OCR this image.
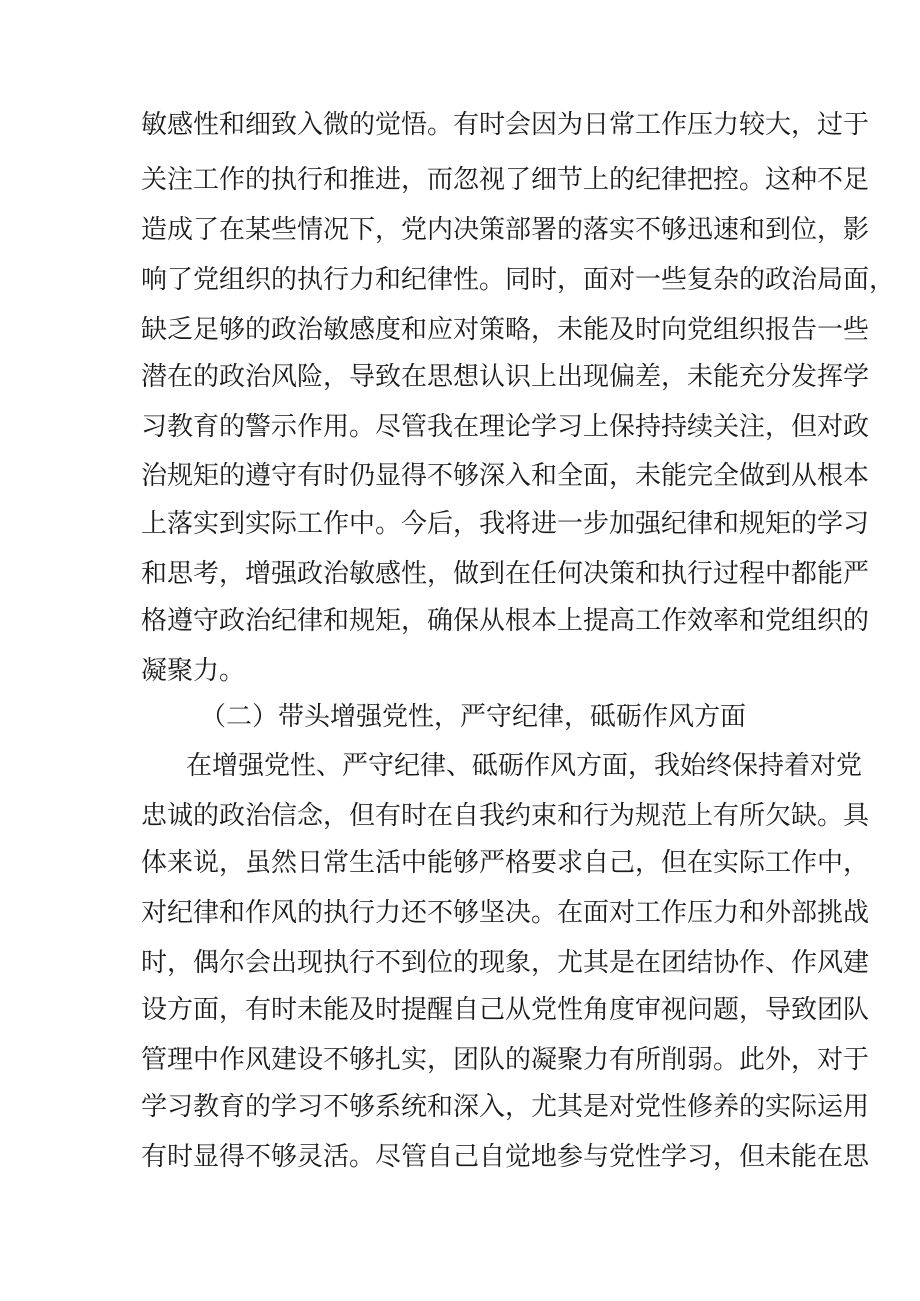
敏感性和细致入微的觉悟。有时会因为日常工作压力较大，过于
关注工作的执行和推进，而忽视了细节上的纪律把控。这种不足
造成了在某些情况下，党内决策部署的落实不够迅速和到位，影
响了党组织的执行力和纪律性。同时，面对一些复杂的政治局面，
缺乏足够的政治敏感度和应对策略，未能及时向党组织报告一些
潜在的政治风险，导致在思想认识上出现偏差，未能充分发挥学
习教育的警示作用。尽管我在理论学习上保持持续关注，但对政
治规矩的遵守有时仍显得不够深入和全面，未能完全做到从根本
上落实到实际工作中。今后，我将进一步加强纪律和规矩的学习
和思考，增强政治敏感性，做到在任何决策和执行过程中都能严
格遵守政治纪律和规矩，确保从根本上提高工作效率和党组织的
凝聚力。
（二）带头增强党性，严守纪律，砥砺作风方面
在增强党性、严守纪律、砥砺作风方面，我始终保持着对党
忠诚的政治信念，但有时在自我约束和行为规范上有所欠缺。具
体来说，虽然日常生活中能够严格要求自己，但在实际工作中，
对纪律和作风的执行力还不够坚决。在面对工作压力和外部挑战
时，偶尔会出现执行不到位的现象，尤其是在团结协作、作风建
设方面，有时未能及时提醒自己从党性角度审视问题，导致团队
管理中作风建设不够扎实，团队的凝聚力有所削弱。此外，对于
学习教育的学习不够系统和深入，尤其是对党性修养的实际运用
有时显得不够灵活。尽管自己自觉地参与党性学习，但未能在思
